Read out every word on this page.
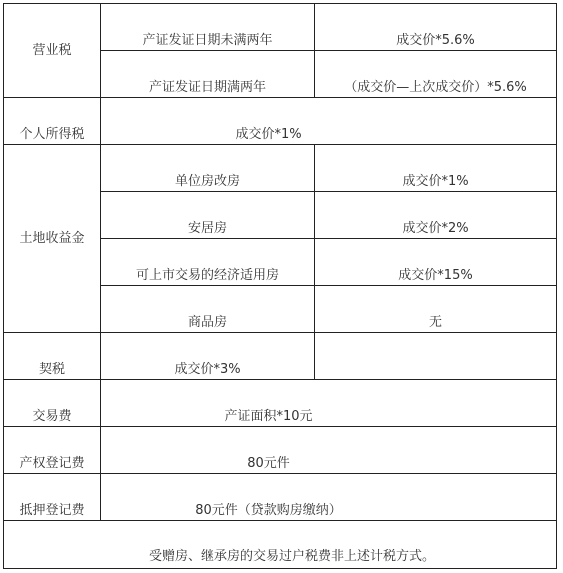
营业税	产证发证日期未满两年	成交价*5.6%
	产证发证日期满两年	（成交价—上次成交价）*5.6%
个人所得税	成交价*1%	
土地收益金	单位房改房	成交价*1%
	安居房	成交价*2%
	可上市交易的经济适用房	成交价*15%
	商品房	无
契税	成交价*3%	
交易费	产证面积*10元	
产权登记费	80元件	
抵押登记费	80元件（贷款购房缴纳）	
受赠房、继承房的交易过户税费非上述计税方式。		
